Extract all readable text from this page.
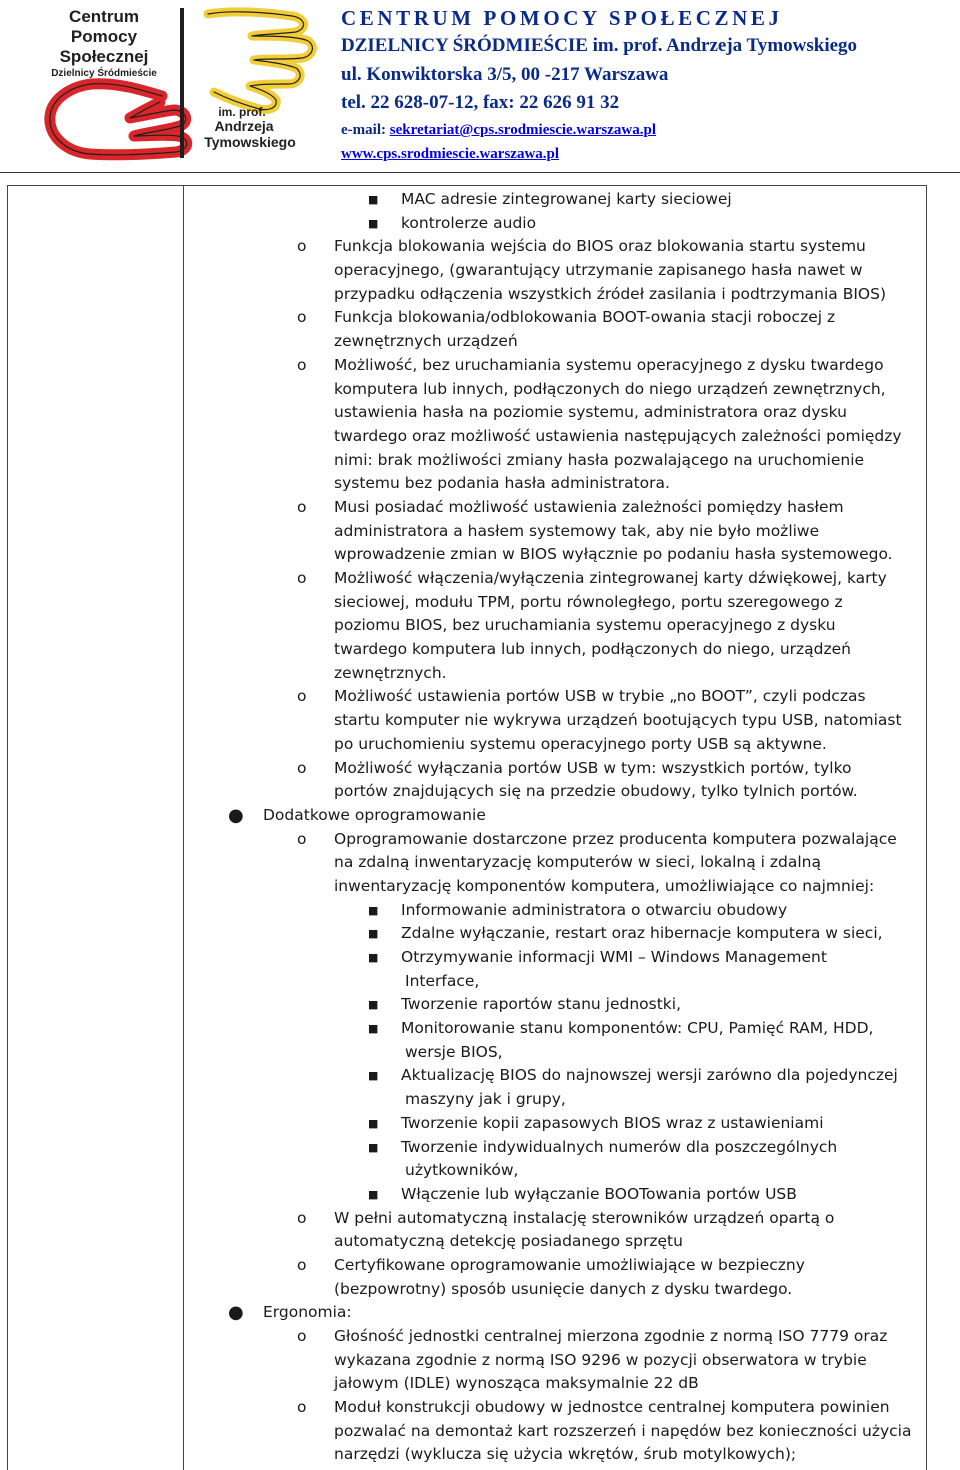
Centrum
Pomocy
Społecznej
Dzielnicy Śródmieście
im. prof.
Andrzeja
Tymowskiego
CENTRUM POMOCY SPOŁECZNEJ
DZIELNICY ŚRÓDMIEŚCIE im. prof. Andrzeja Tymowskiego
ul. Konwiktorska 3/5, 00 -217 Warszawa
tel. 22 628-07-12, fax: 22 626 91 32
e-mail: sekretariat@cps.srodmiescie.warszawa.pl
www.cps.srodmiescie.warszawa.pl
■ MAC adresie zintegrowanej karty sieciowej
■ kontrolerze audio
o Funkcja blokowania wejścia do BIOS oraz blokowania startu systemu
operacyjnego, (gwarantujący utrzymanie zapisanego hasła nawet w
przypadku odłączenia wszystkich źródeł zasilania i podtrzymania BIOS)
o Funkcja blokowania/odblokowania BOOT-owania stacji roboczej z
zewnętrznych urządzeń
o Możliwość, bez uruchamiania systemu operacyjnego z dysku twardego
komputera lub innych, podłączonych do niego urządzeń zewnętrznych,
ustawienia hasła na poziomie systemu, administratora oraz dysku
twardego oraz możliwość ustawienia następujących zależności pomiędzy
nimi: brak możliwości zmiany hasła pozwalającego na uruchomienie
systemu bez podania hasła administratora.
o Musi posiadać możliwość ustawienia zależności pomiędzy hasłem
administratora a hasłem systemowy tak, aby nie było możliwe
wprowadzenie zmian w BIOS wyłącznie po podaniu hasła systemowego.
o Możliwość włączenia/wyłączenia zintegrowanej karty dźwiękowej, karty
sieciowej, modułu TPM, portu równoległego, portu szeregowego z
poziomu BIOS, bez uruchamiania systemu operacyjnego z dysku
twardego komputera lub innych, podłączonych do niego, urządzeń
zewnętrznych.
o Możliwość ustawienia portów USB w trybie „no BOOT”, czyli podczas
startu komputer nie wykrywa urządzeń bootujących typu USB, natomiast
po uruchomieniu systemu operacyjnego porty USB są aktywne.
o Możliwość wyłączania portów USB w tym: wszystkich portów, tylko
portów znajdujących się na przedzie obudowy, tylko tylnich portów.
● Dodatkowe oprogramowanie
o Oprogramowanie dostarczone przez producenta komputera pozwalające
na zdalną inwentaryzację komputerów w sieci, lokalną i zdalną
inwentaryzację komponentów komputera, umożliwiające co najmniej:
■ Informowanie administratora o otwarciu obudowy
■ Zdalne wyłączanie, restart oraz hibernacje komputera w sieci,
■ Otrzymywanie informacji WMI – Windows Management
Interface,
■ Tworzenie raportów stanu jednostki,
■ Monitorowanie stanu komponentów: CPU, Pamięć RAM, HDD,
wersje BIOS,
■ Aktualizację BIOS do najnowszej wersji zarówno dla pojedynczej
maszyny jak i grupy,
■ Tworzenie kopii zapasowych BIOS wraz z ustawieniami
■ Tworzenie indywidualnych numerów dla poszczególnych
użytkowników,
■ Włączenie lub wyłączanie BOOTowania portów USB
o W pełni automatyczną instalację sterowników urządzeń opartą o
automatyczną detekcję posiadanego sprzętu
o Certyfikowane oprogramowanie umożliwiające w bezpieczny
(bezpowrotny) sposób usunięcie danych z dysku twardego.
● Ergonomia:
o Głośność jednostki centralnej mierzona zgodnie z normą ISO 7779 oraz
wykazana zgodnie z normą ISO 9296 w pozycji obserwatora w trybie
jałowym (IDLE) wynosząca maksymalnie 22 dB
o Moduł konstrukcji obudowy w jednostce centralnej komputera powinien
pozwalać na demontaż kart rozszerzeń i napędów bez konieczności użycia
narzędzi (wyklucza się użycia wkrętów, śrub motylkowych);
